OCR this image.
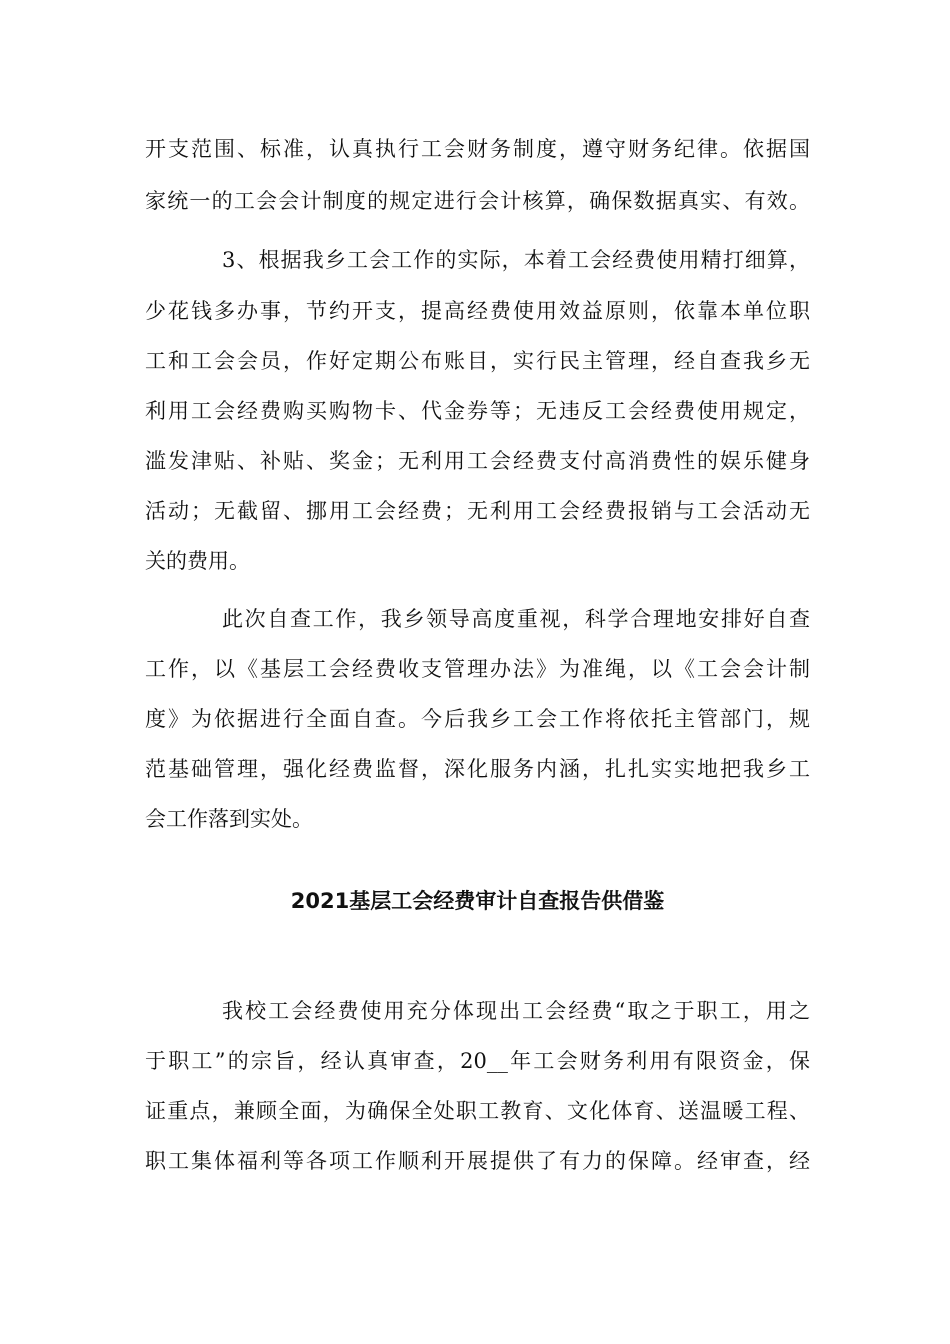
开支范围、标准，认真执行工会财务制度，遵守财务纪律。依据国

家统一的工会会计制度的规定进行会计核算，确保数据真实、有效。

3、根据我乡工会工作的实际，本着工会经费使用精打细算，

少花钱多办事，节约开支，提高经费使用效益原则，依靠本单位职

工和工会会员，作好定期公布账目，实行民主管理，经自查我乡无

利用工会经费购买购物卡、代金券等；无违反工会经费使用规定，

滥发津贴、补贴、奖金；无利用工会经费支付高消费性的娱乐健身

活动；无截留、挪用工会经费；无利用工会经费报销与工会活动无

关的费用。

此次自查工作，我乡领导高度重视，科学合理地安排好自查

工作，以《基层工会经费收支管理办法》为准绳，以《工会会计制

度》为依据进行全面自查。今后我乡工会工作将依托主管部门，规

范基础管理，强化经费监督，深化服务内涵，扎扎实实地把我乡工

会工作落到实处。

2021基层工会经费审计自查报告供借鉴

我校工会经费使用充分体现出工会经费“取之于职工，用之

于职工”的宗旨，经认真审查，20__年工会财务利用有限资金，保

证重点，兼顾全面，为确保全处职工教育、文化体育、送温暖工程、

职工集体福利等各项工作顺利开展提供了有力的保障。经审查，经
